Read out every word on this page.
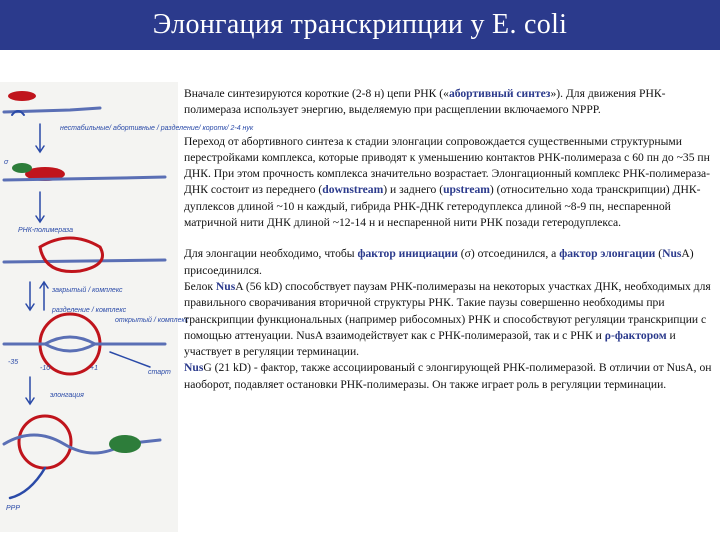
Элонгация транскрипции у E. coli
нестабильные/ абортивные / разделение/ коротк/ 2-4 нук
σ
РНК-полимераза
закрытый / комплекс
разделение / комплекс
открытый / комплекс
старт
-35
-10	+1
элонгация
PPP

Вначале синтезируются короткие (2-8 н) цепи РНК («абортивный синтез»). Для движения РНК-полимераза использует энергию, выделяемую при расщеплении включаемого NPPP.

Переход от абортивного синтеза к стадии элонгации сопровождается существенными структурными перестройками комплекса, которые приводят к уменьшению контактов РНК-полимераза с 60 пн до ~35 пн ДНК. При этом прочность комплекса значительно возрастает. Элонгационный комплекс РНК-полимераза-ДНК состоит из переднего (downstream) и заднего (upstream) (относительно хода транскрипции) ДНК-дуплексов длиной ~10 н каждый, гибрида РНК-ДНК гетеродуплекса длиной ~8-9 пн, неспаренной матричной нити ДНК длиной ~12-14 н и неспаренной нити РНК позади гетеродуплекса.

Для элонгации необходимо, чтобы фактор инициации (σ) отсоединился, а фактор элонгации (NusA) присоединился.
Белок NusA (56 kD) способствует паузам РНК-полимеразы на некоторых участках ДНК, необходимых для правильного сворачивания вторичной структуры РНК. Такие паузы совершенно необходимы при транскрипции функциональных (например рибосомных) РНК и способствуют регуляции транскрипции с помощью аттенуации. NusA взаимодействует как с РНК-полимеразой, так и с РНК и ρ-фактором и участвует в регуляции терминации.
NusG (21 kD) - фактор, также ассоциированый с элонгирующей РНК-полимеразой. В отличии от NusA, он наоборот, подавляет остановки РНК-полимеразы. Он также играет роль в регуляции терминации.
